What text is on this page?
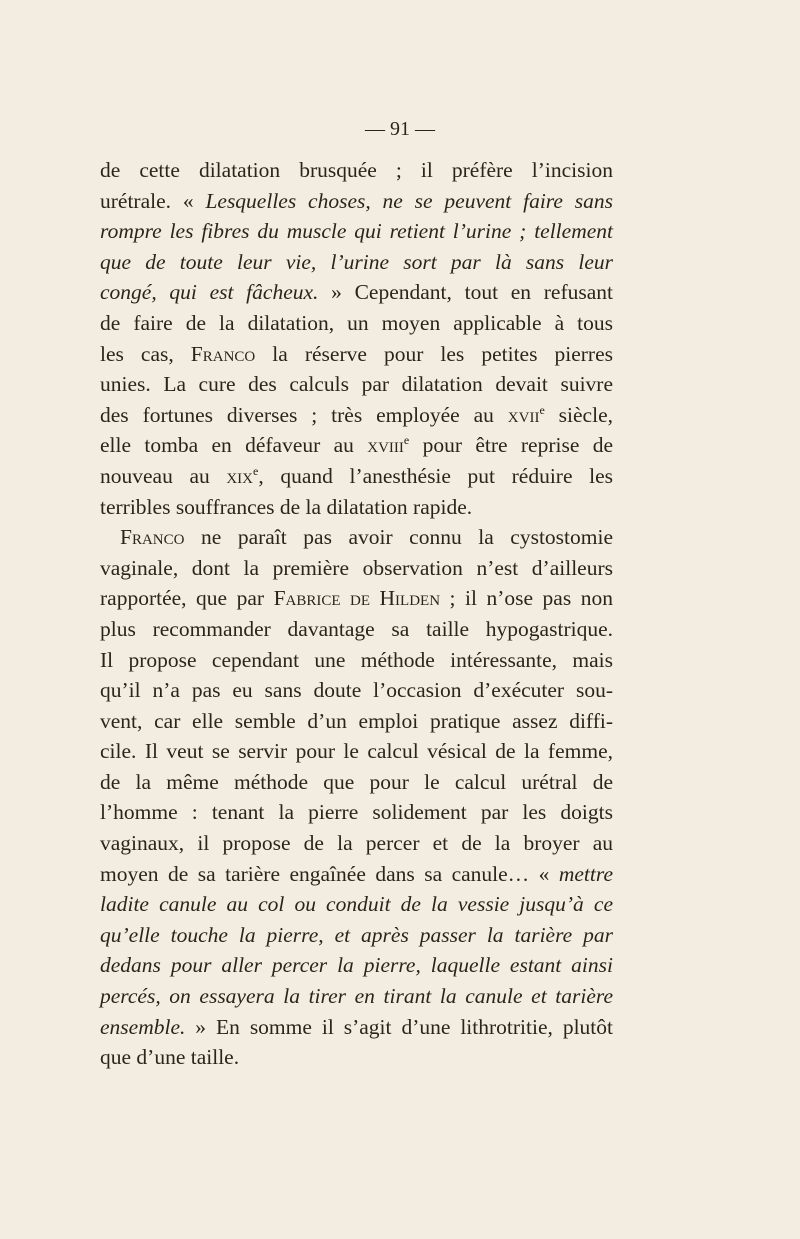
— 91 —
de cette dilatation brusquée ; il préfère l’incision
urétrale. « Lesquelles choses, ne se peuvent faire sans
rompre les fibres du muscle qui retient l’urine ; tellement
que de toute leur vie, l’urine sort par là sans leur
congé, qui est fâcheux. » Cependant, tout en refusant
de faire de la dilatation, un moyen applicable à tous
les cas, Franco la réserve pour les petites pierres
unies. La cure des calculs par dilatation devait suivre
des fortunes diverses ; très employée au xvii$^e$ siècle,
elle tomba en défaveur au xviii$^e$ pour être reprise de
nouveau au xix$^e$, quand l’anesthésie put réduire les
terribles souffrances de la dilatation rapide.
Franco ne paraît pas avoir connu la cystostomie
vaginale, dont la première observation n’est d’ailleurs
rapportée, que par Fabrice de Hilden ; il n’ose pas non
plus recommander davantage sa taille hypogastrique.
Il propose cependant une méthode intéressante, mais
qu’il n’a pas eu sans doute l’occasion d’exécuter sou-
vent, car elle semble d’un emploi pratique assez diffi-
cile. Il veut se servir pour le calcul vésical de la femme,
de la même méthode que pour le calcul urétral de
l’homme : tenant la pierre solidement par les doigts
vaginaux, il propose de la percer et de la broyer au
moyen de sa tarière engaînée dans sa canule… « mettre
ladite canule au col ou conduit de la vessie jusqu’à ce
qu’elle touche la pierre, et après passer la tarière par
dedans pour aller percer la pierre, laquelle estant ainsi
percés, on essayera la tirer en tirant la canule et tarière
ensemble. » En somme il s’agit d’une lithrotritie, plutôt
que d’une taille.
